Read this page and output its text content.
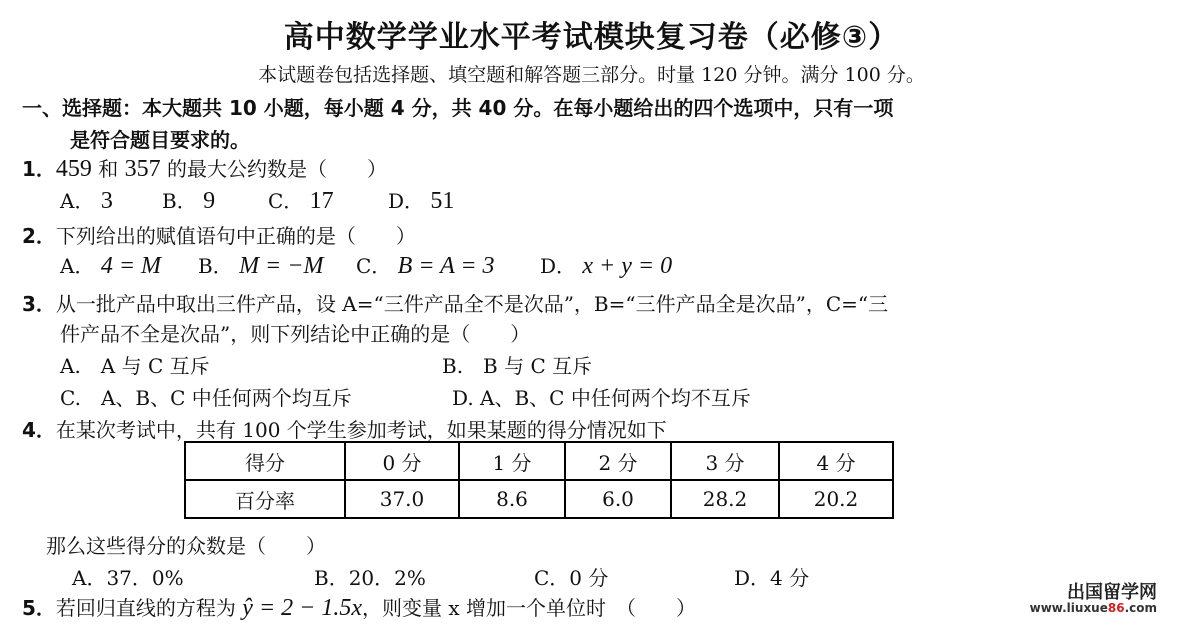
高中数学学业水平考试模块复习卷（必修③）
本试题卷包括选择题、填空题和解答题三部分。时量 120 分钟。满分 100 分。
一、选择题：本大题共 10 小题，每小题 4 分，共 40 分。在每小题给出的四个选项中，只有一项
是符合题目要求的。
1．459 和 357 的最大公约数是（　　）
A． 3 B． 9	C． 17	D． 51
2．下列给出的赋值语句中正确的是（　　）
A． 4 = M B． M = −M C． B = A = 3 D． x + y = 0
3．从一批产品中取出三件产品，设 A=“三件产品全不是次品”，B=“三件产品全是次品”，C=“三
件产品不全是次品”，则下列结论中正确的是（　　）
A.　A 与 C 互斥	B.　B 与 C 互斥
C.　A、B、C 中任何两个均互斥	D. A、B、C 中任何两个均不互斥
4．在某次考试中，共有 100 个学生参加考试，如果某题的得分情况如下
得分	0 分	1 分	2 分	3 分	4 分
百分率	37.0	8.6	6.0	28.2	20.2
那么这些得分的众数是（　　）
A．37．0%	B．20．2%	C．0 分	D．4 分
5．若回归直线的方程为 ŷ = 2 − 1.5x，则变量 x 增加一个单位时　（　　）
出国留学网
www.liuxue86.com
